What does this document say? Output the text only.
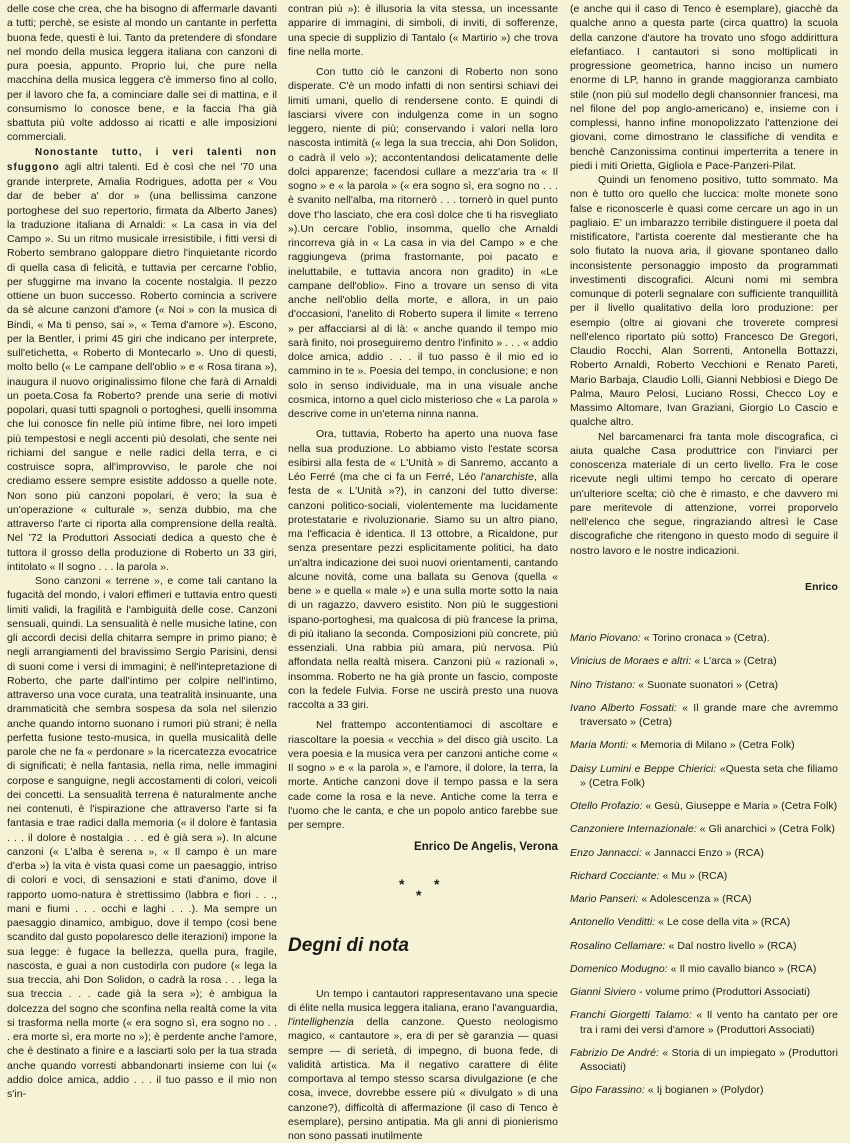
delle cose che crea, che ha bisogno di affermarle davanti a tutti; perchè, se esiste al mondo un cantante in perfetta buona fede, questi è lui. Tanto da pretendere di sfondare nel mondo della musica leggera italiana con canzoni di pura poesia, appunto. Proprio lui, che pure nella macchina della musica leggera c'è immerso fino al collo, per il lavoro che fa, a cominciare dalle sei di mattina, e il consumismo lo conosce bene, e la faccia l'ha già sbattuta più volte addosso ai ricatti e alle imposizioni commerciali.

Nonostante tutto, i veri talenti non sfuggono agli altri talenti. Ed è così che nel '70 una grande interprete, Amalia Rodrigues, adotta per « Vou dar de beber a' dor » (una bellissima canzone portoghese del suo repertorio, firmata da Alberto Janes) la traduzione italiana di Arnaldi: « La casa in via del Campo ». Su un ritmo musicale irresistibile, i fitti versi di Roberto sembrano galoppare dietro l'inquietante ricordo di quella casa di felicità, e tuttavia per cercarne l'oblio, per sfuggirne ma invano la cocente nostalgia. Il pezzo ottiene un buon successo. Roberto comincia a scrivere da sè alcune canzoni d'amore (« Noi » con la musica di Bindi, « Ma ti penso, sai », « Tema d'amore »). Escono, per la Bentler, i primi 45 giri che indicano per interprete, sull'etichetta, « Roberto di Montecarlo ». Uno di questi, molto bello (« Le campane dell'oblio » e « Rosa tirana »), inaugura il nuovo originalissimo filone che farà di Arnaldi un poeta.Cosa fa Roberto? prende una serie di motivi popolari, quasi tutti spagnoli o portoghesi, quelli insomma che lui conosce fin nelle più intime fibre, nei loro impeti più tempestosi e negli accenti più desolati, che sente nei richiami del sangue e nelle radici della terra, e ci costruisce sopra, all'improvviso, le parole che noi crediamo essere sempre esistite addosso a quelle note. Non sono più canzoni popolari, è vero; la sua è un'operazione « culturale », senza dubbio, ma che attraverso l'arte ci riporta alla comprensione della realtà. Nel '72 la Produttori Associati dedica a questo che è tuttora il grosso della produzione di Roberto un 33 giri, intitolato « Il sogno . . . la parola ».

Sono canzoni « terrene », e come tali cantano la fugacità del mondo, i valori effimeri e tuttavia entro questi limiti validi, la fragilità e l'ambiguità delle cose. Canzoni sensuali, quindi. La sensualità è nelle musiche latine, con gli accordi decisi della chitarra sempre in primo piano; è negli arrangiamenti del bravissimo Sergio Parisini, densi di suoni come i versi di immagini; è nell'intepretazione di Roberto, che parte dall'intimo per colpire nell'intimo, attraverso una voce curata, una teatralità insinuante, una drammaticità che sembra sospesa da sola nel silenzio anche quando intorno suonano i rumori più strani; è nella perfetta fusione testo-musica, in quella musicalità delle parole che ne fa « perdonare » la ricercatezza evocatrice di significati; è nella fantasia, nella rima, nelle immagini corpose e sanguigne, negli accostamenti di colori, veicoli dei concetti. La sensualità terrena è naturalmente anche nei contenuti, è l'ispirazione che attraverso l'arte si fa fantasia e trae radici dalla memoria (« il dolore è fantasia . . . il dolore è nostalgia . . . ed è già sera »). In alcune canzoni (« L'alba è serena », « Il campo è un mare d'erba ») la vita è vista quasi come un paesaggio, intriso di colori e voci, di sensazioni e stati d'animo, dove il rapporto uomo-natura è strettissimo (labbra e fiori . . ., mani e fiumi . . . occhi e laghi . . .). Ma sempre un paesaggio dinamico, ambiguo, dove il tempo (così bene scandito dal gusto popolaresco delle iterazioni) impone la sua legge: è fugace la bellezza, quella pura, fragile, nascosta, e guai a non custodirla con pudore (« lega la sua treccia, ahi Don Solidon, o cadrà la rosa . . . lega la sua treccia . . . cade già la sera »); è ambigua la dolcezza del sogno che sconfina nella realtà come la vita si trasforma nella morte (« era sogno sì, era sogno no . . . era morte sì, era morte no »); è perdente anche l'amore, che è destinato a finire e a lasciarti solo per la tua strada anche quando vorresti abbandonarti insieme con lui (« addio dolce amica, addio . . . il tuo passo e il mio non s'in-

contran più »): è illusoria la vita stessa, un incessante apparire di immagini, di simboli, di inviti, di sofferenze, una specie di supplizio di Tantalo (« Martirio ») che trova fine nella morte.

Con tutto ciò le canzoni di Roberto non sono disperate. C'è un modo infatti di non sentirsi schiavi dei limiti umani, quello di rendersene conto. E quindi di lasciarsi vivere con indulgenza come in un sogno leggero, niente di più; conservando i valori nella loro nascosta intimità (« lega la sua treccia, ahi Don Solidon, o cadrà il velo »); accontentandosi delicatamente delle dolci apparenze; facendosi cullare a mezz'aria tra « Il sogno » e « la parola » (« era sogno sì, era sogno no . . . è svanito nell'alba, ma ritornerò . . . tornerò in quel punto dove t'ho lasciato, che era così dolce che ti ha risvegliato »).Un cercare l'oblio, insomma, quello che Arnaldi rincorreva già in « La casa in via del Campo » e che raggiungeva (prima frastornante, poi pacato e ineluttabile, e tuttavia ancora non gradito) in «Le campane dell'oblio». Fino a trovare un senso di vita anche nell'oblio della morte, e allora, in un paio d'occasioni, l'anelito di Roberto supera il limite « terreno » per affacciarsi al di là: « anche quando il tempo mio sarà finito, noi proseguiremo dentro l'infinito » . . . « addio dolce amica, addio . . . il tuo passo è il mio ed io cammino in te ». Poesia del tempo, in conclusione; e non solo in senso individuale, ma in una visuale anche cosmica, intorno a quel ciclo misterioso che « La parola » descrive come in un'eterna ninna nanna.

Ora, tuttavia, Roberto ha aperto una nuova fase nella sua produzione. Lo abbiamo visto l'estate scorsa esibirsi alla festa de « L'Unità » di Sanremo, accanto a Léo Ferré (ma che ci fa un Ferré, Léo l'anarchiste, alla festa de « L'Unità »?), in canzoni del tutto diverse: canzoni politico-sociali, violentemente ma lucidamente protestatarie e rivoluzionarie. Siamo su un altro piano, ma l'efficacia è identica. Il 13 ottobre, a Ricaldone, pur senza presentare pezzi esplicitamente politici, ha dato un'altra indicazione dei suoi nuovi orientamenti, cantando alcune novità, come una ballata su Genova (quella « bene » e quella « male ») e una sulla morte sotto la naia di un ragazzo, davvero esistito. Non più le suggestioni ispano-portoghesi, ma qualcosa di più francese la prima, di più italiano la seconda. Composizioni più concrete, più essenziali. Una rabbia più amara, più nervosa. Più affondata nella realtà misera. Canzoni più « razionali », insomma. Roberto ne ha già pronte un fascio, composte con la fedele Fulvia. Forse ne uscirà presto una nuova raccolta a 33 giri.

Nel frattempo accontentiamoci di ascoltare e riascoltare la poesia « vecchia » del disco già uscito. La vera poesia e la musica vera per canzoni antiche come « Il sogno » e « la parola », e l'amore, il dolore, la terra, la morte. Antiche canzoni dove il tempo passa e la sera cade come la rosa e la neve. Antiche come la terra e l'uomo che le canta, e che un popolo antico farebbe sue per sempre.

Enrico De Angelis, Verona

* *
*
Degni di nota

Un tempo i cantautori rappresentavano una specie di élite nella musica leggera italiana, erano l'avanguardia, l'intellighenzia della canzone. Questo neologismo magico, « cantautore », era di per sè garanzia — quasi sempre — di serietà, di impegno, di buona fede, di validità artistica. Ma il negativo carattere di élite comportava al tempo stesso scarsa divulgazione (e che cosa, invece, dovrebbe essere più « divulgato » di una canzone?), difficoltà di affermazione (il caso di Tenco è esemplare), persino antipatia. Ma gli anni di pionierismo non sono passati inutilmente

(e anche qui il caso di Tenco è esemplare), giacchè da qualche anno a questa parte (circa quattro) la scuola della canzone d'autore ha trovato uno sfogo addirittura elefantiaco. I cantautori si sono moltiplicati in progressione geometrica, hanno inciso un numero enorme di LP, hanno in grande maggioranza cambiato stile (non più sul modello degli chansonnier francesi, ma nel filone del pop anglo-americano) e, insieme con i complessi, hanno infine monopolizzato l'attenzione dei giovani, come dimostrano le classifiche di vendita e benchè Canzonissima continui imperterrita a tenere in piedi i miti Orietta, Gigliola e Pace-Panzeri-Pilat.

Quindi un fenomeno positivo, tutto sommato. Ma non è tutto oro quello che luccica: molte monete sono false e riconoscerle è quasi come cercare un ago in un pagliaio. E' un imbarazzo terribile distinguere il poeta dal mistificatore, l'artista coerente dal mestierante che ha solo fiutato la nuova aria, il giovane spontaneo dallo inconsistente personaggio imposto da programmati investimenti discografici. Alcuni nomi mi sembra comunque di poterli segnalare con sufficiente tranquillità per il livello qualitativo della loro produzione: per esempio (oltre ai giovani che troverete compresi nell'elenco riportato più sotto) Francesco De Gregori, Claudio Rocchi, Alan Sorrenti, Antonella Bottazzi, Roberto Arnaldi, Roberto Vecchioni e Renato Pareti, Mario Barbaja, Claudio Lolli, Gianni Nebbiosi e Diego De Palma, Mauro Pelosi, Luciano Rossi, Checco Loy e Massimo Altomare, Ivan Graziani, Giorgio Lo Cascio e qualche altro.

Nel barcamenarci fra tanta mole discografica, ci aiuta qualche Casa produttrice con l'inviarci per conoscenza materiale di un certo livello. Fra le cose ricevute negli ultimi tempo ho cercato di operare un'ulteriore scelta; ciò che è rimasto, e che davvero mi pare meritevole di attenzione, vorrei proporvelo nell'elenco che segue, ringraziando altresì le Case discografiche che ritengono in questo modo di seguire il nostro lavoro e le nostre indicazioni.

Enrico

Mario Piovano: « Torino cronaca » (Cetra).
Vinicius de Moraes e altri: « L'arca » (Cetra)
Nino Tristano: « Suonate suonatori » (Cetra)
Ivano Alberto Fossati: « Il grande mare che avremmo traversato » (Cetra)
Maria Monti: « Memoria di Milano » (Cetra Folk)
Daisy Lumini e Beppe Chierici: «Questa seta che filiamo » (Cetra Folk)
Otello Profazio: « Gesù, Giuseppe e Maria » (Cetra Folk)
Canzoniere Internazionale: « Gli anarchici » (Cetra Folk)
Enzo Jannacci: « Jannacci Enzo » (RCA)
Richard Cocciante: « Mu » (RCA)
Mario Panseri: « Adolescenza » (RCA)
Antonello Venditti: « Le cose della vita » (RCA)
Rosalino Cellamare: « Dal nostro livello » (RCA)
Domenico Modugno: « Il mio cavallo bianco » (RCA)
Gianni Siviero - volume primo (Produttori Associati)
Franchi Giorgetti Talamo: « Il vento ha cantato per ore tra i rami dei versi d'amore » (Produttori Associati)
Fabrizio De André: « Storia di un impiegato » (Produttori Associati)
Gipo Farassino: « Ij bogianen » (Polydor)
